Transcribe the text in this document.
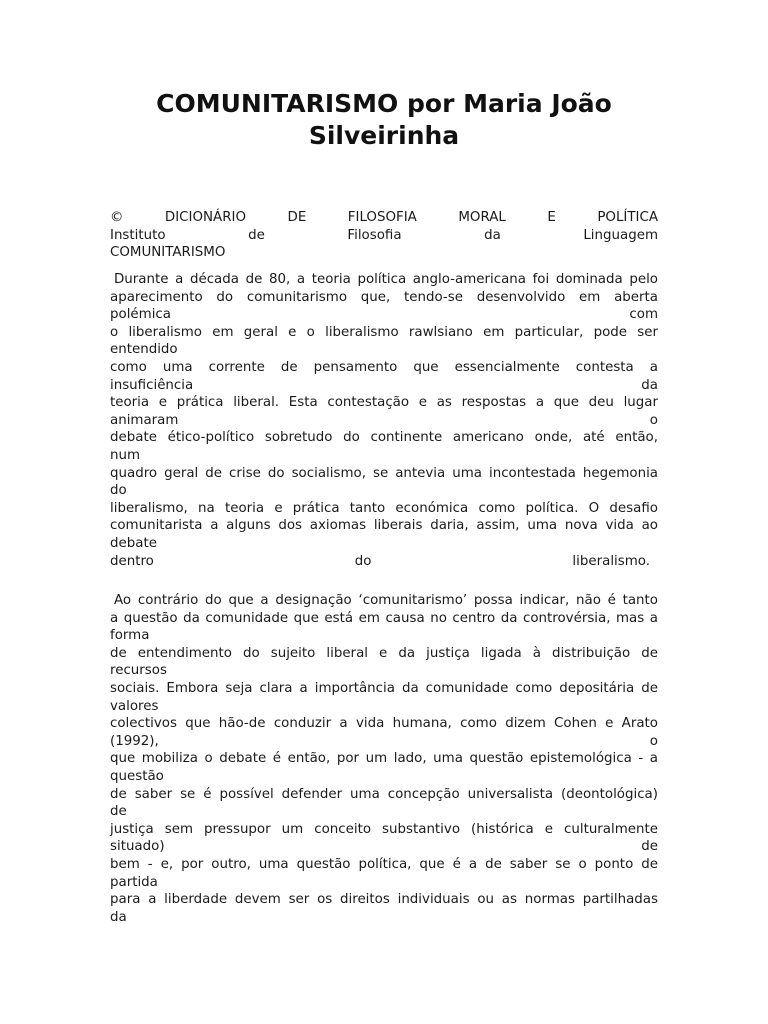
COMUNITARISMO por Maria João
Silveirinha
© DICIONÁRIO DE FILOSOFIA MORAL E POLÍTICA
Instituto de Filosofia da Linguagem
COMUNITARISMO
Durante a década de 80, a teoria política anglo-americana foi dominada pelo
aparecimento do comunitarismo que, tendo-se desenvolvido em aberta
polémica com
o liberalismo em geral e o liberalismo rawlsiano em particular, pode ser
entendido
como uma corrente de pensamento que essencialmente contesta a
insuficiência da
teoria e prática liberal. Esta contestação e as respostas a que deu lugar
animaram o
debate ético-político sobretudo do continente americano onde, até então,
num
quadro geral de crise do socialismo, se antevia uma incontestada hegemonia
do
liberalismo, na teoria e prática tanto económica como política. O desafio
comunitarista a alguns dos axiomas liberais daria, assim, uma nova vida ao
debate
dentro do liberalismo.
Ao contrário do que a designação ‘comunitarismo’ possa indicar, não é tanto
a questão da comunidade que está em causa no centro da controvérsia, mas a
forma
de entendimento do sujeito liberal e da justiça ligada à distribuição de
recursos
sociais. Embora seja clara a importância da comunidade como depositária de
valores
colectivos que hão-de conduzir a vida humana, como dizem Cohen e Arato
(1992), o
que mobiliza o debate é então, por um lado, uma questão epistemológica - a
questão
de saber se é possível defender uma concepção universalista (deontológica)
de
justiça sem pressupor um conceito substantivo (histórica e culturalmente
situado) de
bem - e, por outro, uma questão política, que é a de saber se o ponto de
partida
para a liberdade devem ser os direitos individuais ou as normas partilhadas
da
